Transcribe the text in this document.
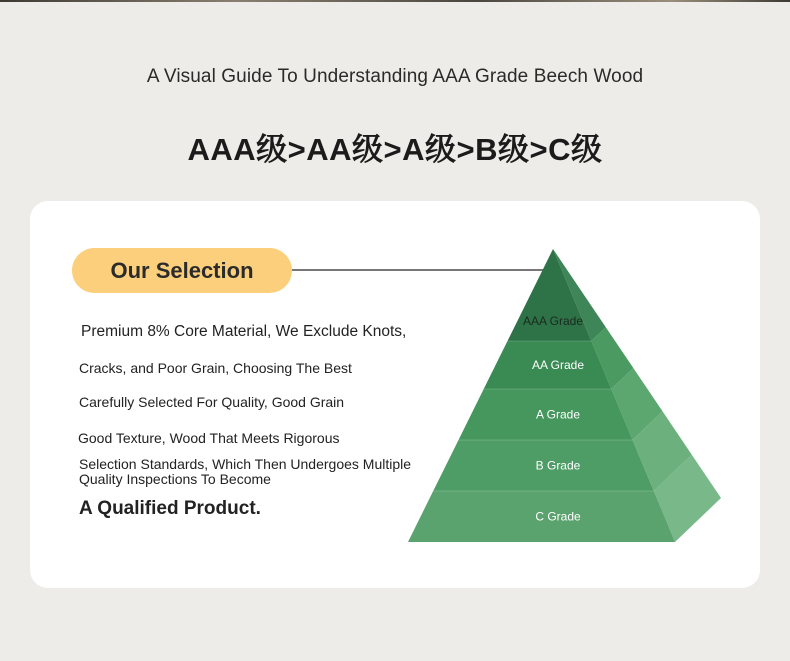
A Visual Guide To Understanding AAA Grade Beech Wood
AAA级>AA级>A级>B级>C级
Our Selection

Premium 8% Core Material, We Exclude Knots,

Cracks, and Poor Grain, Choosing The Best

Carefully Selected For Quality, Good Grain

Good Texture, Wood That Meets Rigorous

Selection Standards, Which Then Undergoes Multiple Quality Inspections To Become

A Qualified Product.

AAA Grade
AA Grade
A Grade
B Grade
C Grade
